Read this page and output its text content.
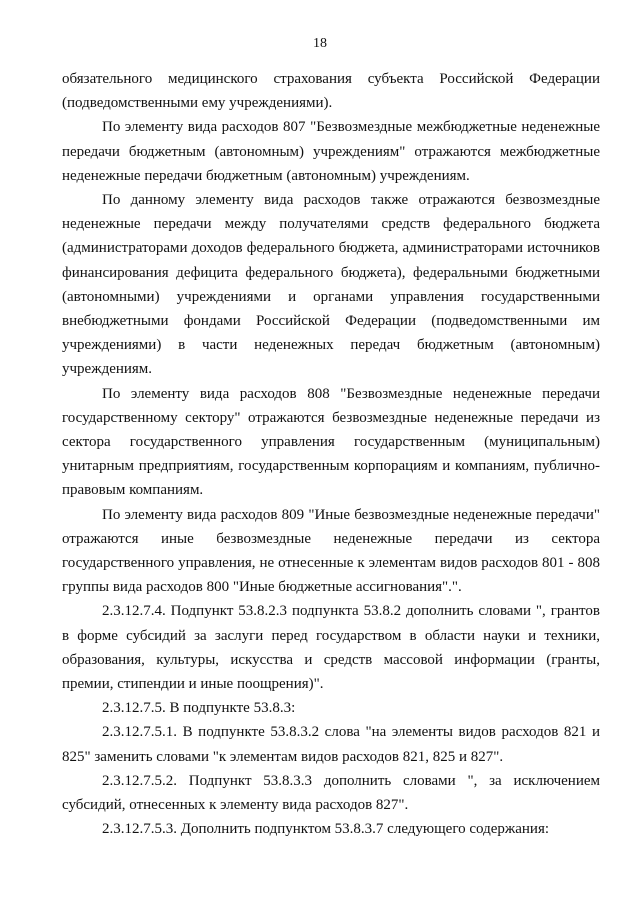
18

обязательного медицинского страхования субъекта Российской Федерации (подведомственными ему учреждениями).

По элементу вида расходов 807 "Безвозмездные межбюджетные неденежные передачи бюджетным (автономным) учреждениям" отражаются межбюджетные неденежные передачи бюджетным (автономным) учреждениям.

По данному элементу вида расходов также отражаются безвозмездные неденежные передачи между получателями средств федерального бюджета (администраторами доходов федерального бюджета, администраторами источников финансирования дефицита федерального бюджета), федеральными бюджетными (автономными) учреждениями и органами управления государственными внебюджетными фондами Российской Федерации (подведомственными им учреждениями) в части неденежных передач бюджетным (автономным) учреждениям.

По элементу вида расходов 808 "Безвозмездные неденежные передачи государственному сектору" отражаются безвозмездные неденежные передачи из сектора государственного управления государственным (муниципальным) унитарным предприятиям, государственным корпорациям и компаниям, публично-правовым компаниям.

По элементу вида расходов 809 "Иные безвозмездные неденежные передачи" отражаются иные безвозмездные неденежные передачи из сектора государственного управления, не отнесенные к элементам видов расходов 801 - 808 группы вида расходов 800 "Иные бюджетные ассигнования".".

2.3.12.7.4. Подпункт 53.8.2.3 подпункта 53.8.2 дополнить словами ", грантов в форме субсидий за заслуги перед государством в области науки и техники, образования, культуры, искусства и средств массовой информации (гранты, премии, стипендии и иные поощрения)".

2.3.12.7.5. В подпункте 53.8.3:

2.3.12.7.5.1. В подпункте 53.8.3.2 слова "на элементы видов расходов 821 и 825" заменить словами "к элементам видов расходов 821, 825 и 827".

2.3.12.7.5.2. Подпункт 53.8.3.3 дополнить словами ", за исключением субсидий, отнесенных к элементу вида расходов 827".

2.3.12.7.5.3. Дополнить подпунктом 53.8.3.7 следующего содержания:
